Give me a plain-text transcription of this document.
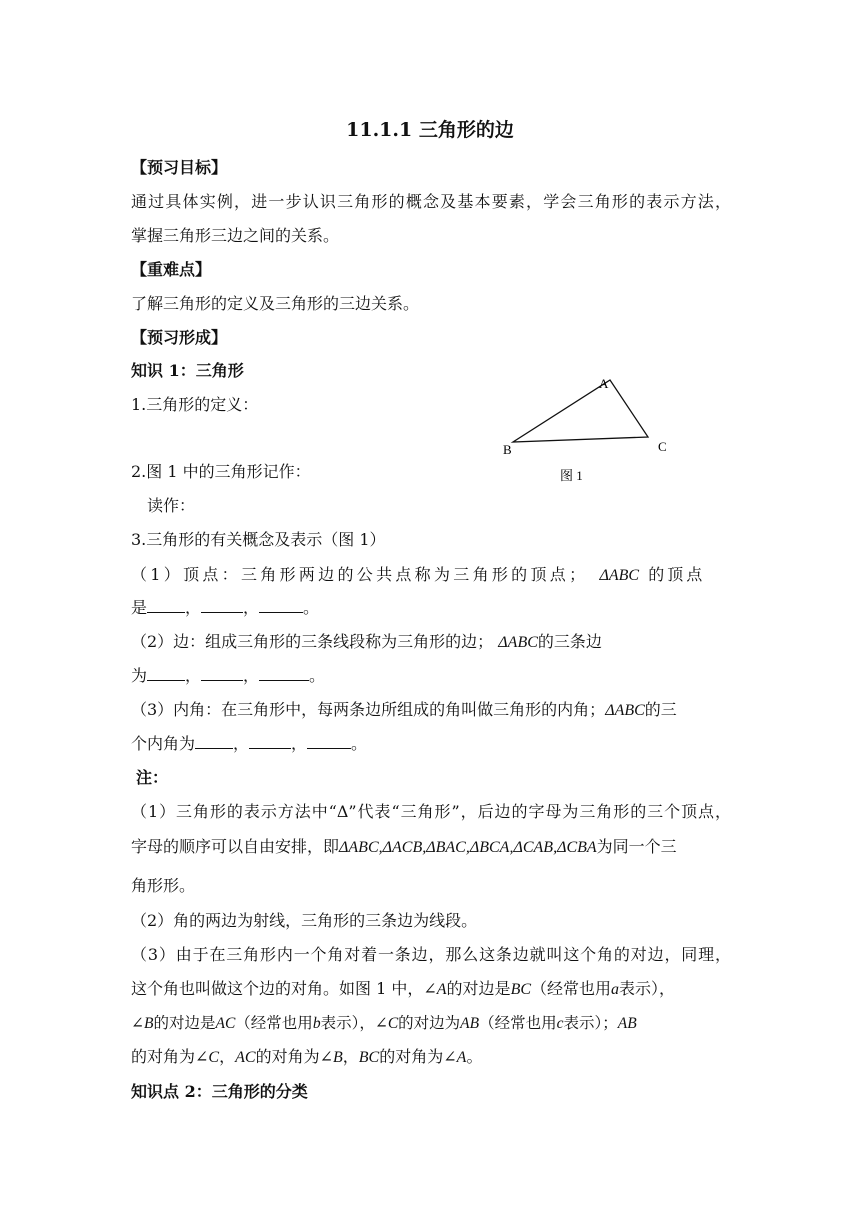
11.1.1 三角形的边
【预习目标】
通过具体实例，进一步认识三角形的概念及基本要素，学会三角形的表示方法，
掌握三角形三边之间的关系。
【重难点】
了解三角形的定义及三角形的三边关系。
【预习形成】
知识 1：三角形
1.三角形的定义：
A
B	C
图 1
2.图 1 中的三角形记作：
读作：
3.三角形的有关概念及表示（图 1）
（1）顶点：三角形两边的公共点称为三角形的顶点； ΔABC 的顶点
是 ，	，	。
（2）边：组成三角形的三条线段称为三角形的边； ΔABC的三条边
为 ，	，	。
（3）内角：在三角形中，每两条边所组成的角叫做三角形的内角；ΔABC的三
个内角为 ，	，	。
注：
（1）三角形的表示方法中“Δ”代表“三角形”，后边的字母为三角形的三个顶点，
字母的顺序可以自由安排，即ΔABC,ΔACB,ΔBAC,ΔBCA,ΔCAB,ΔCBA为同一个三
角形形。
（2）角的两边为射线，三角形的三条边为线段。
（3）由于在三角形内一个角对着一条边，那么这条边就叫这个角的对边，同理，
这个角也叫做这个边的对角。如图 1 中，∠A的对边是BC（经常也用a表示），
∠B的对边是AC（经常也用b表示），∠C的对边为AB（经常也用c表示）；AB
的对角为∠C，AC的对角为∠B，BC的对角为∠A。
知识点 2：三角形的分类
